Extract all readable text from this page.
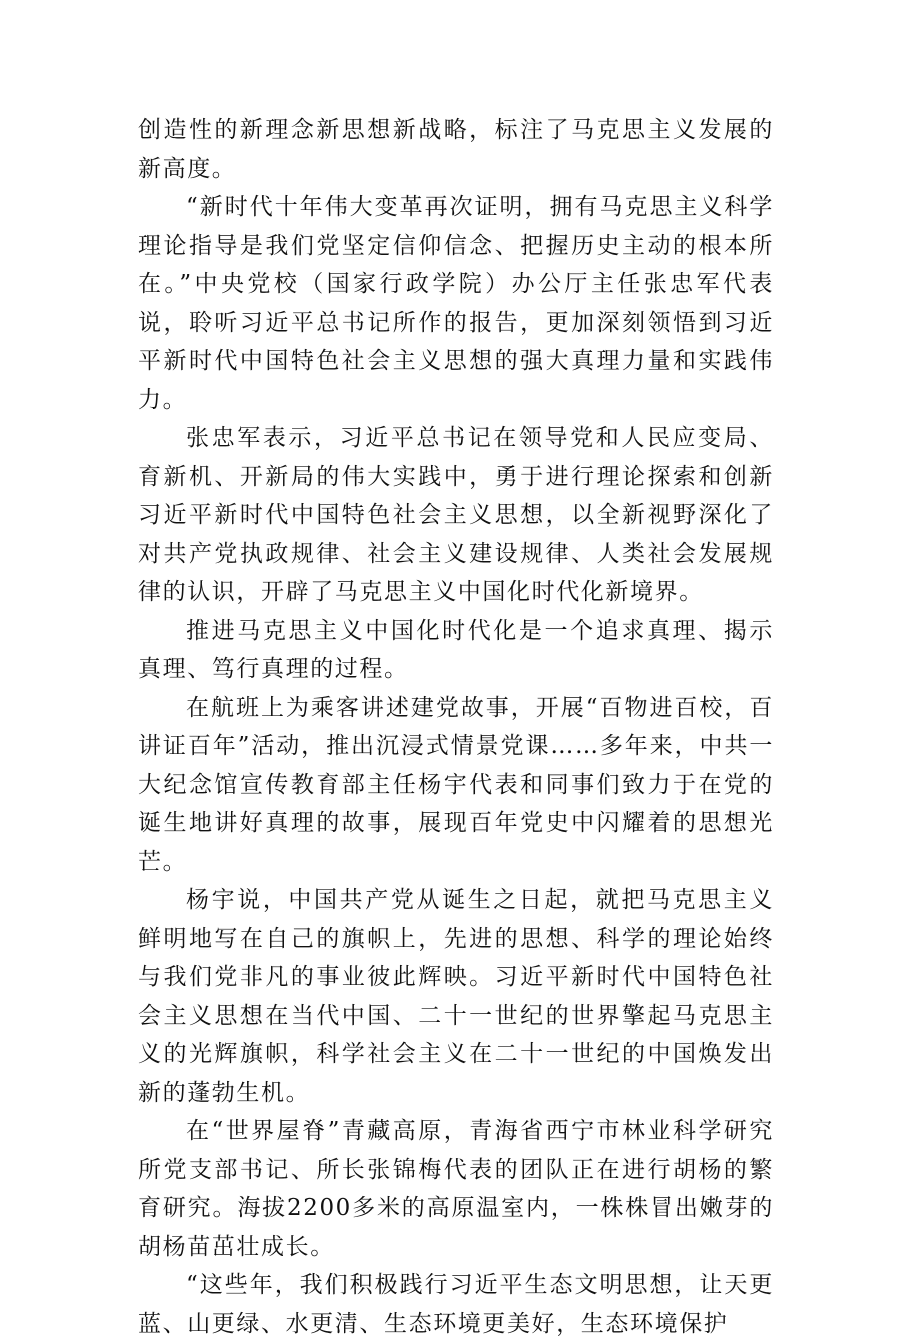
创造性的新理念新思想新战略，标注了马克思主义发展的新高度。

“新时代十年伟大变革再次证明，拥有马克思主义科学理论指导是我们党坚定信仰信念、把握历史主动的根本所在。”中央党校（国家行政学院）办公厅主任张忠军代表说，聆听习近平总书记所作的报告，更加深刻领悟到习近平新时代中国特色社会主义思想的强大真理力量和实践伟力。

张忠军表示，习近平总书记在领导党和人民应变局、育新机、开新局的伟大实践中，勇于进行理论探索和创新习近平新时代中国特色社会主义思想，以全新视野深化了对共产党执政规律、社会主义建设规律、人类社会发展规律的认识，开辟了马克思主义中国化时代化新境界。

推进马克思主义中国化时代化是一个追求真理、揭示真理、笃行真理的过程。

在航班上为乘客讲述建党故事，开展“百物进百校，百讲证百年”活动，推出沉浸式情景党课……多年来，中共一大纪念馆宣传教育部主任杨宇代表和同事们致力于在党的诞生地讲好真理的故事，展现百年党史中闪耀着的思想光芒。

杨宇说，中国共产党从诞生之日起，就把马克思主义鲜明地写在自己的旗帜上，先进的思想、科学的理论始终与我们党非凡的事业彼此辉映。习近平新时代中国特色社会主义思想在当代中国、二十一世纪的世界擎起马克思主义的光辉旗帜，科学社会主义在二十一世纪的中国焕发出新的蓬勃生机。

在“世界屋脊”青藏高原，青海省西宁市林业科学研究所党支部书记、所长张锦梅代表的团队正在进行胡杨的繁育研究。海拔2200多米的高原温室内，一株株冒出嫩芽的胡杨苗茁壮成长。

“这些年，我们积极践行习近平生态文明思想，让天更蓝、山更绿、水更清、生态环境更美好，生态环境保护
